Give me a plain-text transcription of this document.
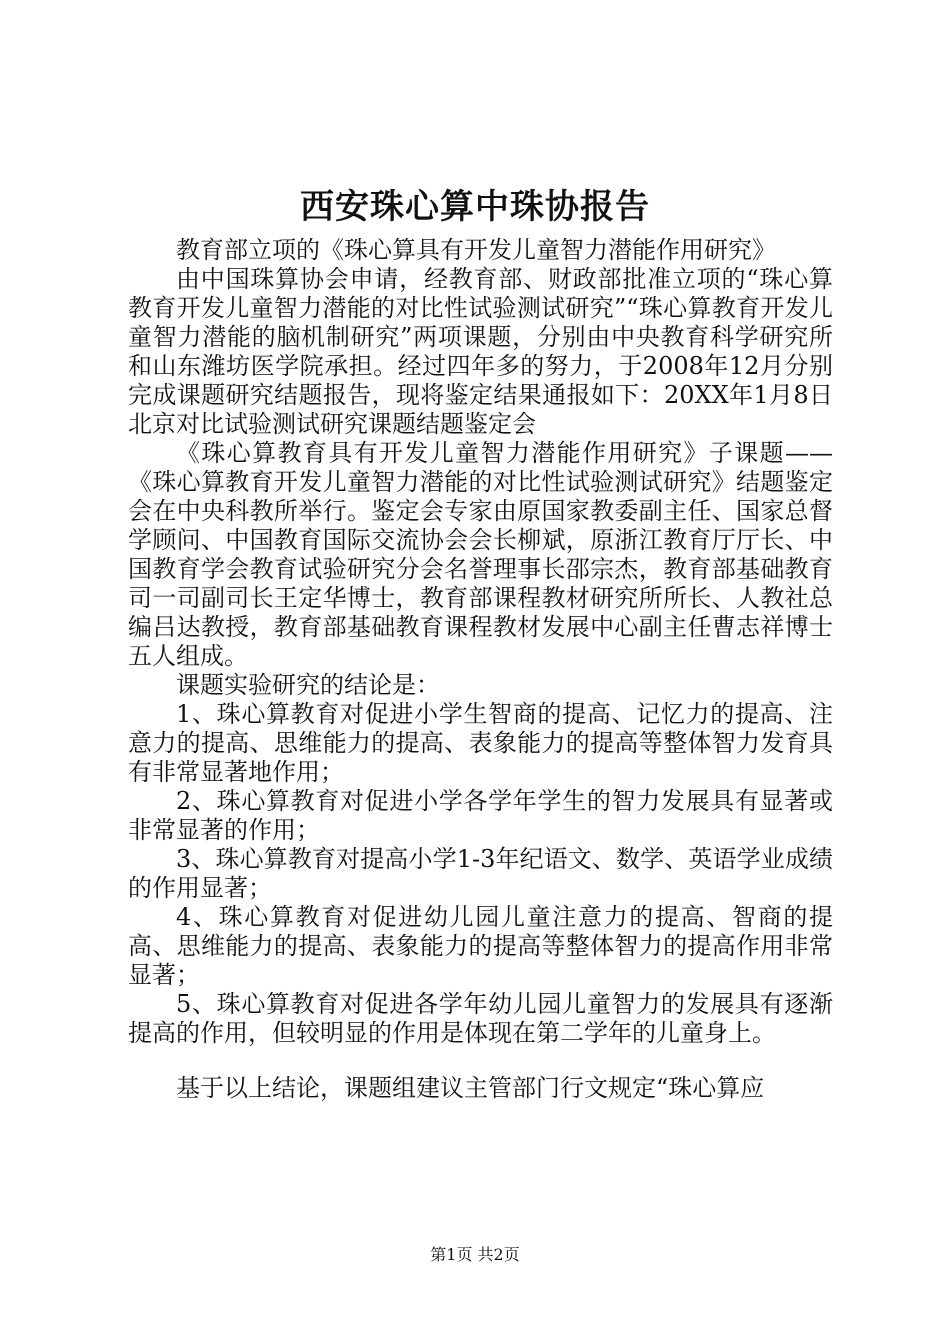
西安珠心算中珠协报告

教育部立项的《珠心算具有开发儿童智力潜能作用研究》

由中国珠算协会申请，经教育部、财政部批准立项的“珠心算教育开发儿童智力潜能的对比性试验测试研究”“珠心算教育开发儿童智力潜能的脑机制研究”两项课题，分别由中央教育科学研究所和山东潍坊医学院承担。经过四年多的努力，于2008年12月分别完成课题研究结题报告，现将鉴定结果通报如下：20XX年1月8日北京对比试验测试研究课题结题鉴定会

《珠心算教育具有开发儿童智力潜能作用研究》子课题——《珠心算教育开发儿童智力潜能的对比性试验测试研究》结题鉴定会在中央科教所举行。鉴定会专家由原国家教委副主任、国家总督学顾问、中国教育国际交流协会会长柳斌，原浙江教育厅厅长、中国教育学会教育试验研究分会名誉理事长邵宗杰，教育部基础教育司一司副司长王定华博士，教育部课程教材研究所所长、人教社总编吕达教授，教育部基础教育课程教材发展中心副主任曹志祥博士五人组成。

课题实验研究的结论是：

1、珠心算教育对促进小学生智商的提高、记忆力的提高、注意力的提高、思维能力的提高、表象能力的提高等整体智力发育具有非常显著地作用；

2、珠心算教育对促进小学各学年学生的智力发展具有显著或非常显著的作用；

3、珠心算教育对提高小学1-3年纪语文、数学、英语学业成绩的作用显著；

4、珠心算教育对促进幼儿园儿童注意力的提高、智商的提高、思维能力的提高、表象能力的提高等整体智力的提高作用非常显著；

5、珠心算教育对促进各学年幼儿园儿童智力的发展具有逐渐提高的作用，但较明显的作用是体现在第二学年的儿童身上。

基于以上结论，课题组建议主管部门行文规定“珠心算应

第1页 共2页
